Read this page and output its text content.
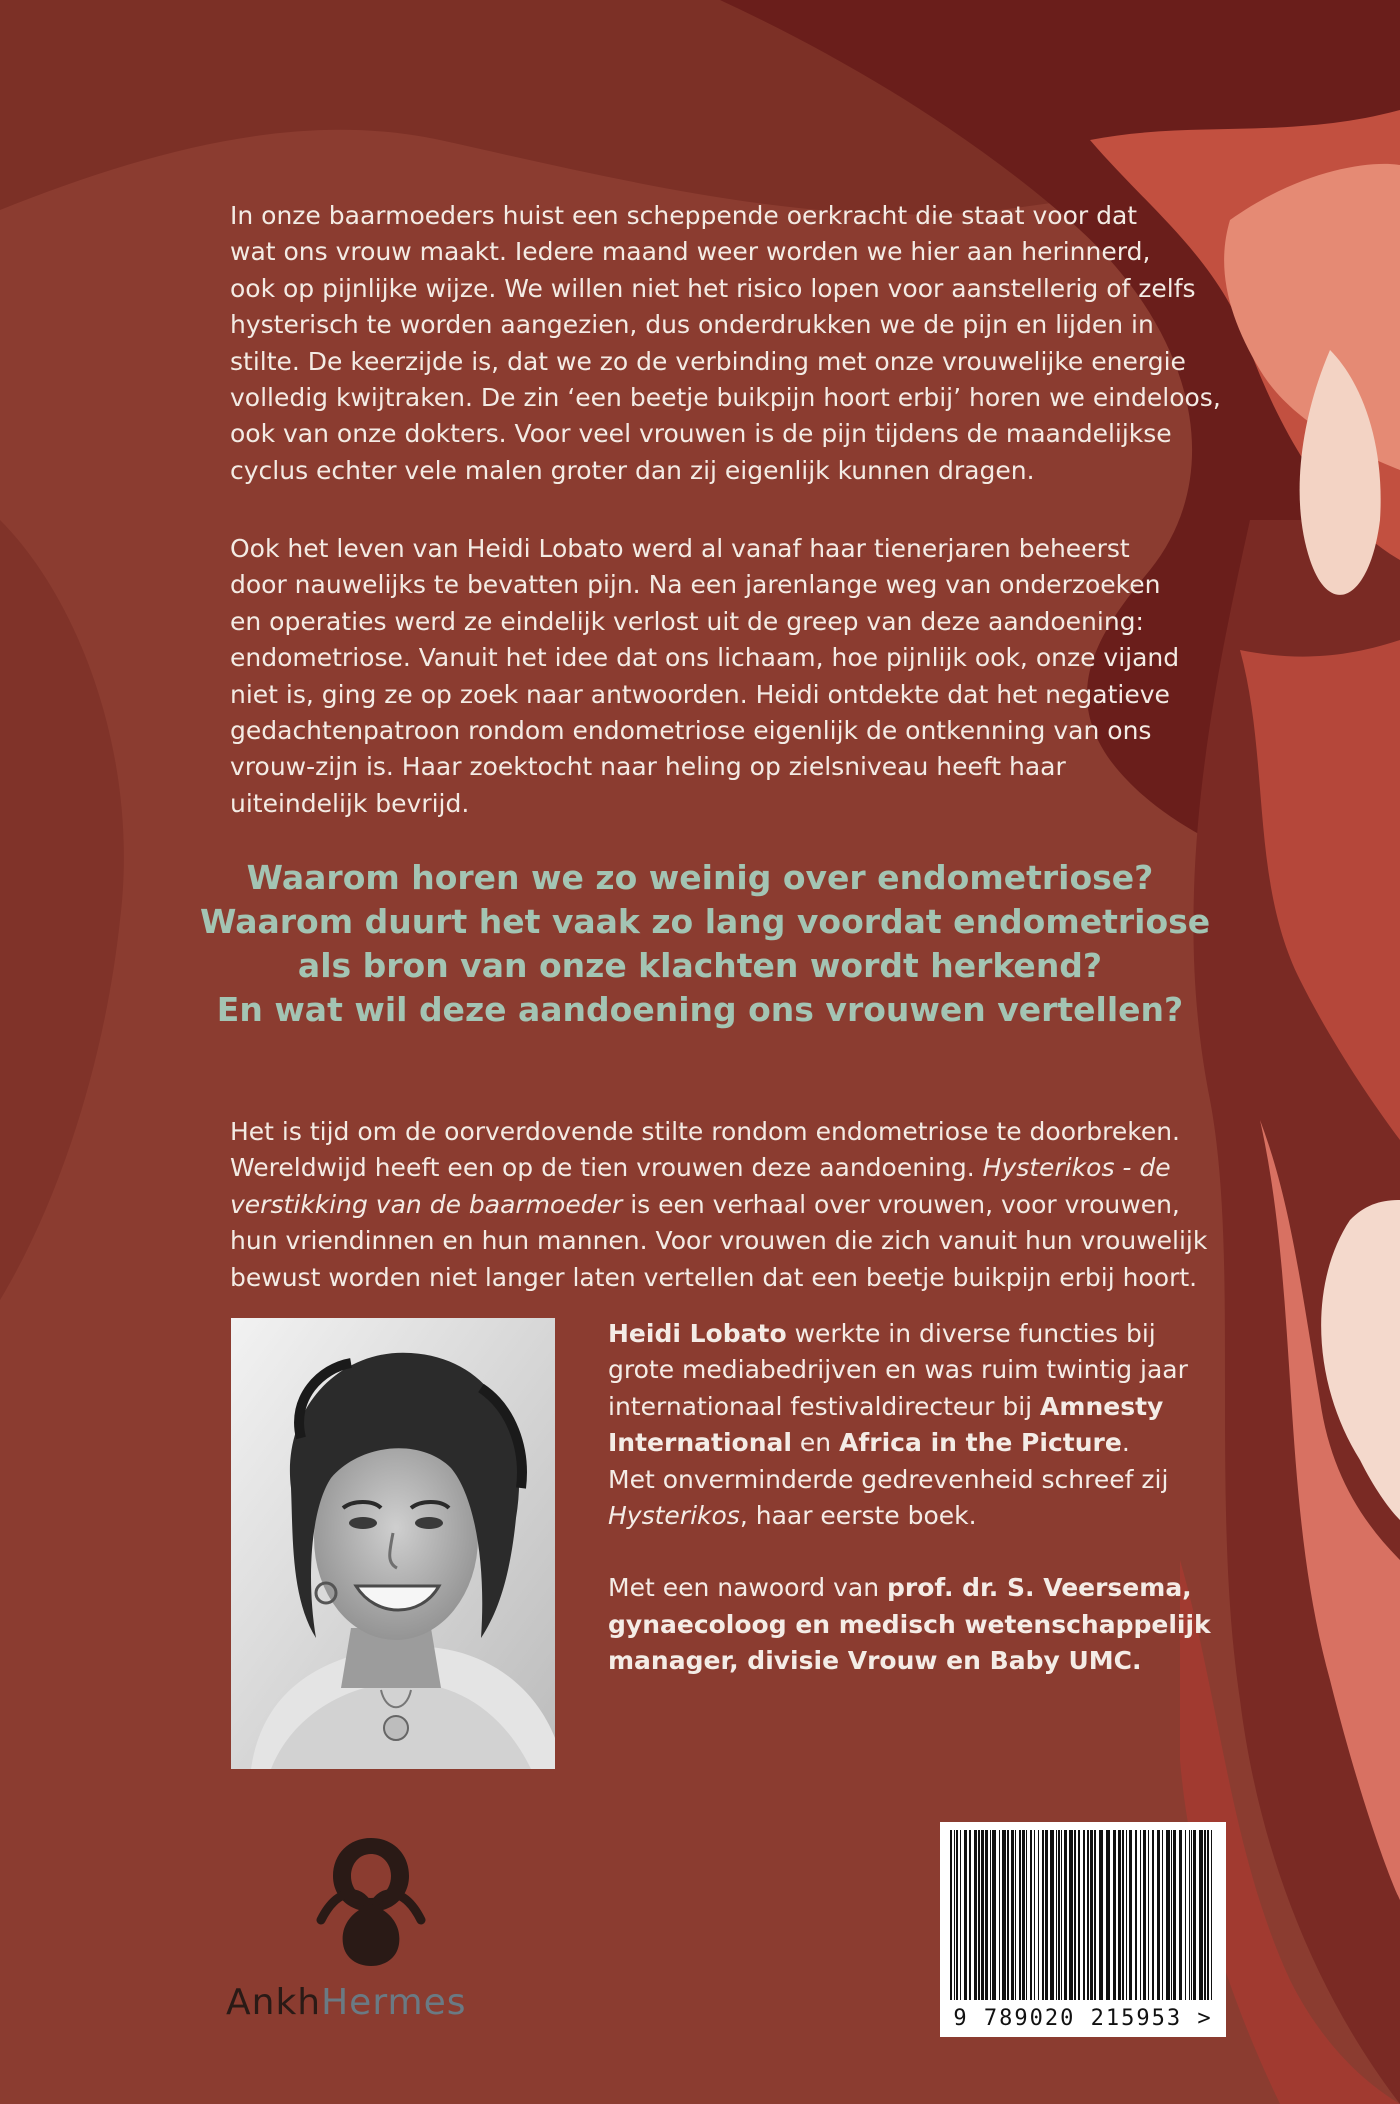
In onze baarmoeders huist een scheppende oerkracht die staat voor dat
wat ons vrouw maakt. Iedere maand weer worden we hier aan herinnerd,
ook op pijnlijke wijze. We willen niet het risico lopen voor aanstellerig of zelfs
hysterisch te worden aangezien, dus onderdrukken we de pijn en lijden in
stilte. De keerzijde is, dat we zo de verbinding met onze vrouwelijke energie
volledig kwijtraken. De zin ‘een beetje buikpijn hoort erbij’ horen we eindeloos,
ook van onze dokters. Voor veel vrouwen is de pijn tijdens de maandelijkse
cyclus echter vele malen groter dan zij eigenlijk kunnen dragen.

Ook het leven van Heidi Lobato werd al vanaf haar tienerjaren beheerst
door nauwelijks te bevatten pijn. Na een jarenlange weg van onderzoeken
en operaties werd ze eindelijk verlost uit de greep van deze aandoening:
endometriose. Vanuit het idee dat ons lichaam, hoe pijnlijk ook, onze vijand
niet is, ging ze op zoek naar antwoorden. Heidi ontdekte dat het negatieve
gedachtenpatroon rondom endometriose eigenlijk de ontkenning van ons
vrouw-zijn is. Haar zoektocht naar heling op zielsniveau heeft haar
uiteindelijk bevrijd.

Waarom horen we zo weinig over endometriose?
Waarom duurt het vaak zo lang voordat endometriose
als bron van onze klachten wordt herkend?
En wat wil deze aandoening ons vrouwen vertellen?

Het is tijd om de oorverdovende stilte rondom endometriose te doorbreken.
Wereldwijd heeft een op de tien vrouwen deze aandoening. Hysterikos - de
verstikking van de baarmoeder is een verhaal over vrouwen, voor vrouwen,
hun vriendinnen en hun mannen. Voor vrouwen die zich vanuit hun vrouwelijk
bewust worden niet langer laten vertellen dat een beetje buikpijn erbij hoort.

Heidi Lobato werkte in diverse functies bij grote mediabedrijven en was ruim twintig jaar internationaal festivaldirecteur bij Amnesty International en Africa in the Picture.
Met onverminderde gedrevenheid schreef zij Hysterikos, haar eerste boek.

Met een nawoord van prof. dr. S. Veersema, gynaecoloog en medisch wetenschappelijk manager, divisie Vrouw en Baby UMC.

AnkhHermes	9 789020 215953 >
